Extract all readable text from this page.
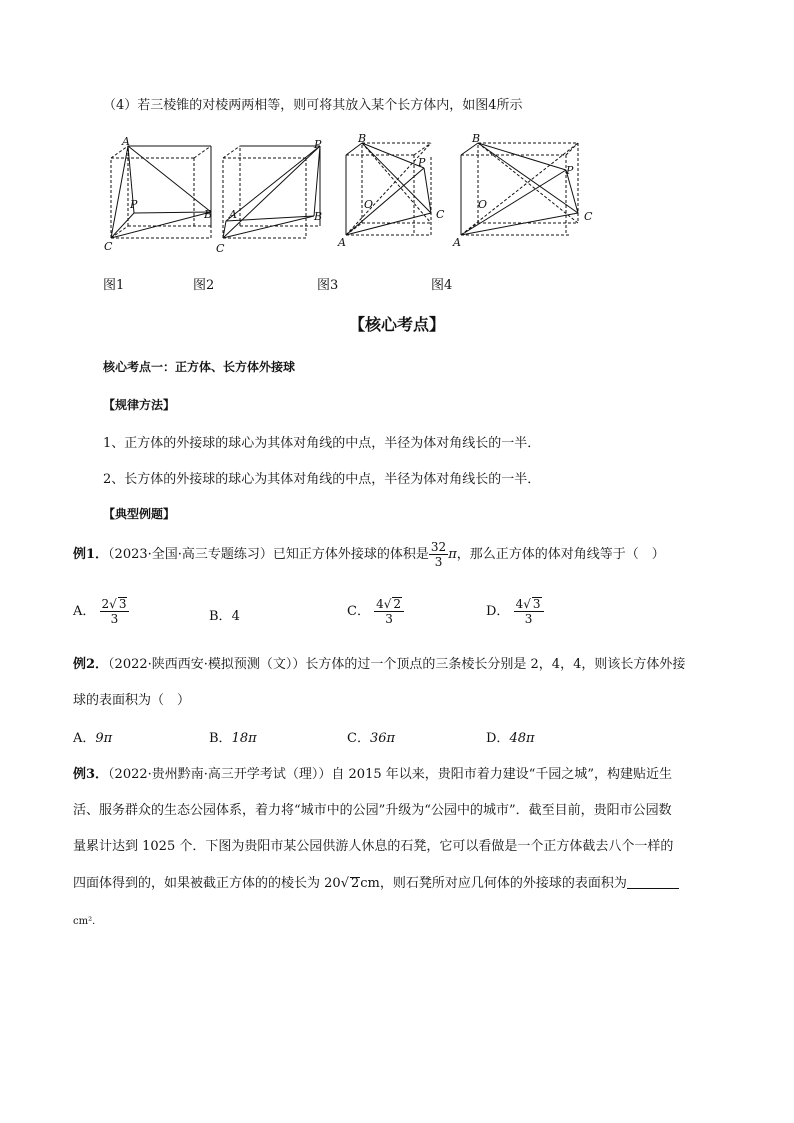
（4）若三棱锥的对棱两两相等，则可将其放入某个长方体内，如图4所示
A
P
B
C
P
A	B
C
B
P
O
C
A
B
P
O
C
A
图1	图2	图3	图4
【核心考点】
核心考点一：正方体、长方体外接球
【规律方法】
1、正方体的外接球的球心为其体对角线的中点，半径为体对角线长的一半．
2、长方体的外接球的球心为其体对角线的中点，半径为体对角线长的一半．
【典型例题】
例1．（2023·全国·高三专题练习）已知正方体外接球的体积是 $\frac{32}{3}$ π，那么正方体的体对角线等于（　）
A． $\frac{2√ 3}{3}$	B．4	C． $\frac{4√ 2}{3}$	D． $\frac{4√ 3}{3}$
例2．（2022·陕西西安·模拟预测（文））长方体的过一个顶点的三条棱长分别是 2，4，4，则该长方体外接
球的表面积为（　）
A．9π	B．18π	C．36π	D．48π
例3．（2022·贵州黔南·高三开学考试（理））自 2015 年以来，贵阳市着力建设“千园之城”，构建贴近生
活、服务群众的生态公园体系，着力将“城市中的公园”升级为“公园中的城市”．截至目前，贵阳市公园数
量累计达到 1025 个．下图为贵阳市某公园供游人休息的石凳，它可以看做是一个正方体截去八个一样的
四面体得到的，如果被截正方体的的棱长为 20√ 2cm，则石凳所对应几何体的外接球的表面积为
cm²．
